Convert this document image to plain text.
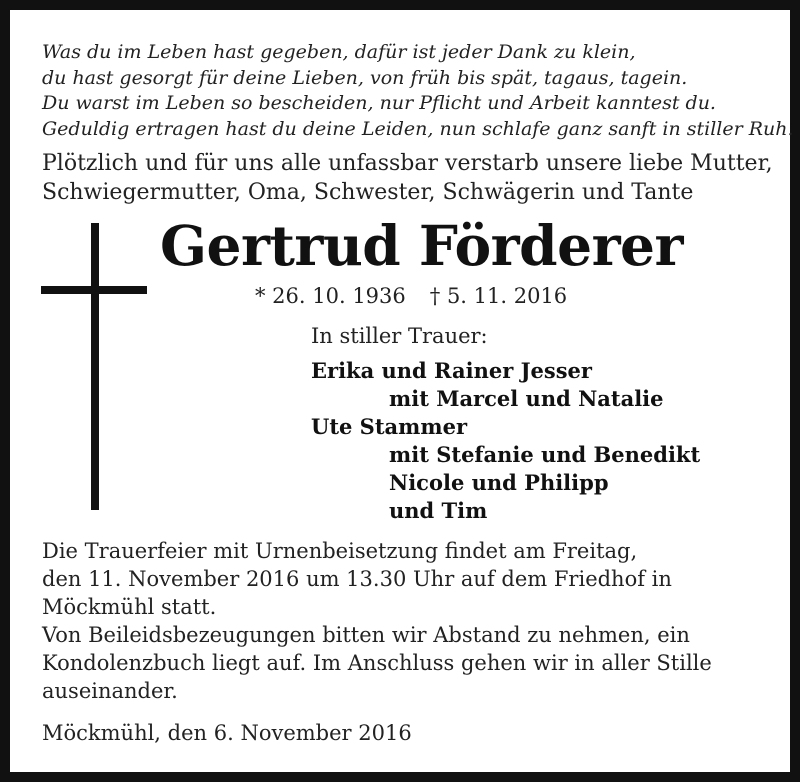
Was du im Leben hast gegeben, dafür ist jeder Dank zu klein,
du hast gesorgt für deine Lieben, von früh bis spät, tagaus, tagein.
Du warst im Leben so bescheiden, nur Pflicht und Arbeit kanntest du.
Geduldig ertragen hast du deine Leiden, nun schlafe ganz sanft in stiller Ruh.
Plötzlich und für uns alle unfassbar verstarb unsere liebe Mutter,
Schwiegermutter, Oma, Schwester, Schwägerin und Tante
Gertrud Förderer
* 26. 10. 1936 † 5. 11. 2016
In stiller Trauer:
Erika und Rainer Jesser
mit Marcel und Natalie
Ute Stammer
mit Stefanie und Benedikt
Nicole und Philipp
und Tim
Die Trauerfeier mit Urnenbeisetzung findet am Freitag,
den 11. November 2016 um 13.30 Uhr auf dem Friedhof in
Möckmühl statt.
Von Beileidsbezeugungen bitten wir Abstand zu nehmen, ein
Kondolenzbuch liegt auf. Im Anschluss gehen wir in aller Stille
auseinander.
Möckmühl, den 6. November 2016
